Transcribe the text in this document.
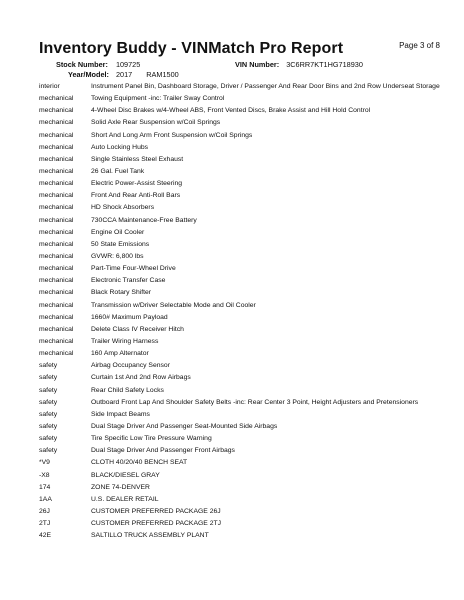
Inventory Buddy - VINMatch Pro Report	Page 3 of 8
Stock Number: 109725	VIN Number: 3C6RR7KT1HG718930
Year/Model: 2017 RAM1500
interior	Instrument Panel Bin, Dashboard Storage, Driver / Passenger And Rear Door Bins and 2nd Row Underseat Storage
mechanical	Towing Equipment -inc: Trailer Sway Control
mechanical	4-Wheel Disc Brakes w/4-Wheel ABS, Front Vented Discs, Brake Assist and Hill Hold Control
mechanical	Solid Axle Rear Suspension w/Coil Springs
mechanical	Short And Long Arm Front Suspension w/Coil Springs
mechanical	Auto Locking Hubs
mechanical	Single Stainless Steel Exhaust
mechanical	26 Gal. Fuel Tank
mechanical	Electric Power-Assist Steering
mechanical	Front And Rear Anti-Roll Bars
mechanical	HD Shock Absorbers
mechanical	730CCA Maintenance-Free Battery
mechanical	Engine Oil Cooler
mechanical	50 State Emissions
mechanical	GVWR: 6,800 lbs
mechanical	Part-Time Four-Wheel Drive
mechanical	Electronic Transfer Case
mechanical	Black Rotary Shifter
mechanical	Transmission w/Driver Selectable Mode and Oil Cooler
mechanical	1660# Maximum Payload
mechanical	Delete Class IV Receiver Hitch
mechanical	Trailer Wiring Harness
mechanical	160 Amp Alternator
safety	Airbag Occupancy Sensor
safety	Curtain 1st And 2nd Row Airbags
safety	Rear Child Safety Locks
safety	Outboard Front Lap And Shoulder Safety Belts -inc: Rear Center 3 Point, Height Adjusters and Pretensioners
safety	Side Impact Beams
safety	Dual Stage Driver And Passenger Seat-Mounted Side Airbags
safety	Tire Specific Low Tire Pressure Warning
safety	Dual Stage Driver And Passenger Front Airbags
*V9	CLOTH 40/20/40 BENCH SEAT
-X8	BLACK/DIESEL GRAY
174	ZONE 74-DENVER
1AA	U.S. DEALER RETAIL
26J	CUSTOMER PREFERRED PACKAGE 26J
2TJ	CUSTOMER PREFERRED PACKAGE 2TJ
42E	SALTILLO TRUCK ASSEMBLY PLANT
